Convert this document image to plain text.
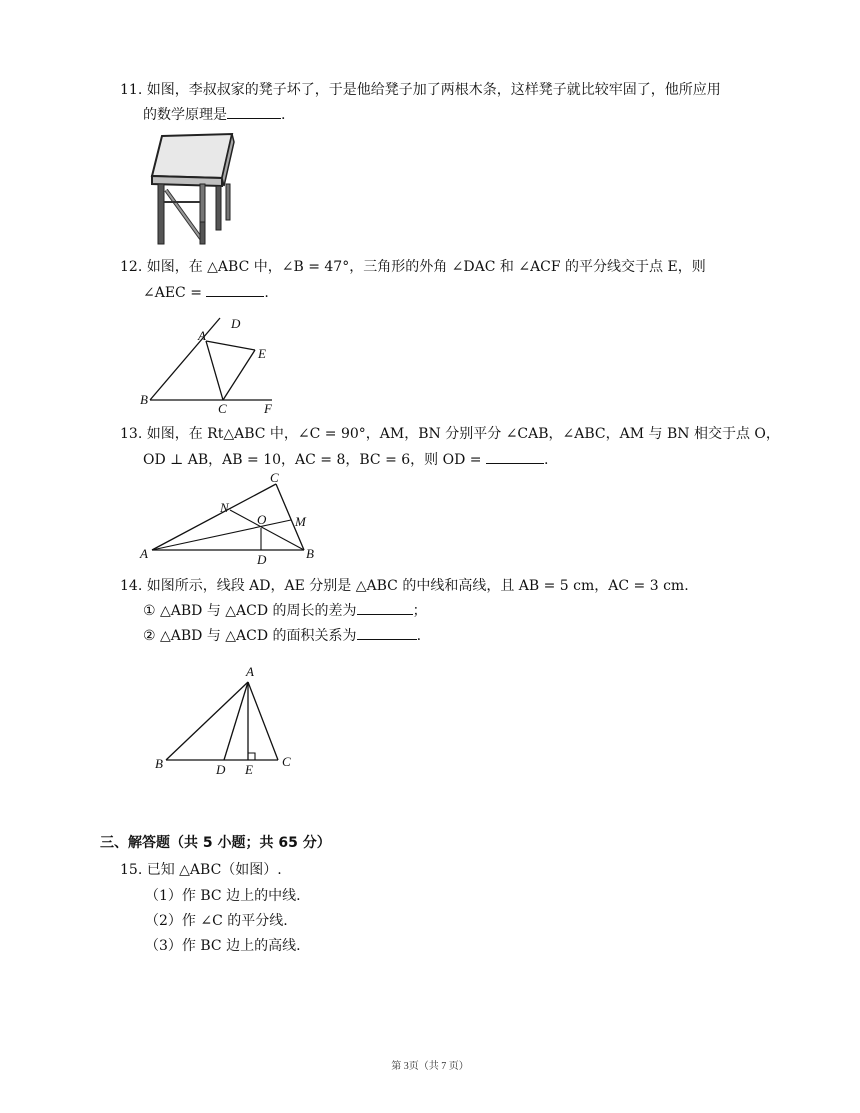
11. 如图，李叔叔家的凳子坏了，于是他给凳子加了两根木条，这样凳子就比较牢固了，他所应用
的数学原理是	.
12. 如图，在 △ABC 中，∠B = 47°，三角形的外角 ∠DAC 和 ∠ACF 的平分线交于点 E，则
∠AEC =	.
B
A
D
E
C	F
13. 如图，在 Rt△ABC 中，∠C = 90°，AM，BN 分别平分 ∠CAB，∠ABC，AM 与 BN 相交于点 O，
OD ⊥ AB，AB = 10，AC = 8，BC = 6，则 OD =	.
A
C
B
N
O M
D
14. 如图所示，线段 AD，AE 分别是 △ABC 的中线和高线，且 AB = 5 cm，AC = 3 cm.
① △ABD 与 △ACD 的周长的差为	；
② △ABD 与 △ACD 的面积关系为	.
A
B	D E
C
三、解答题（共 5 小题；共 65 分）
15. 已知 △ABC（如图）.
（1）作 BC 边上的中线.
（2）作 ∠C 的平分线.
（3）作 BC 边上的高线.
第 3页（共 7 页）
